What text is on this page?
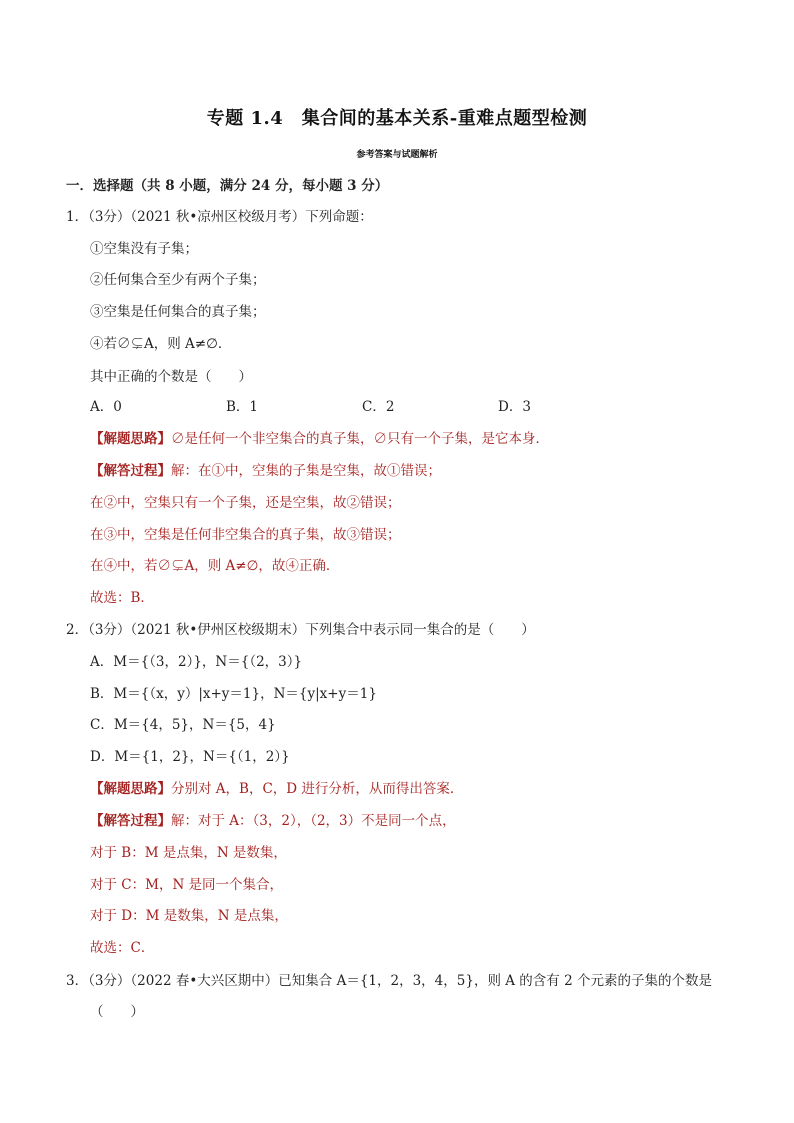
专题 1.4　集合间的基本关系-重难点题型检测
参考答案与试题解析
一．选择题（共 8 小题，满分 24 分，每小题 3 分）
1．（3分）（2021 秋•凉州区校级月考）下列命题：
①空集没有子集；
②任何集合至少有两个子集；
③空集是任何集合的真子集；
④若∅⊊A，则 A≠∅．
其中正确的个数是（　　）
A．0	B．1	C．2	D．3
【解题思路】∅是任何一个非空集合的真子集，∅只有一个子集，是它本身．
【解答过程】解：在①中，空集的子集是空集，故①错误；
在②中，空集只有一个子集，还是空集，故②错误；
在③中，空集是任何非空集合的真子集，故③错误；
在④中，若∅⊊A，则 A≠∅，故④正确．
故选：B．
2．（3分）（2021 秋•伊州区校级期末）下列集合中表示同一集合的是（　　）
A．M＝{（3，2）}，N＝{（2，3）}
B．M＝{（x，y）|x+y＝1}，N＝{y|x+y＝1}
C．M＝{4，5}，N＝{5，4}
D．M＝{1，2}，N＝{（1，2）}
【解题思路】分别对 A，B，C，D 进行分析，从而得出答案．
【解答过程】解：对于 A：（3，2），（2，3）不是同一个点，
对于 B：M 是点集，N 是数集，
对于 C：M，N 是同一个集合，
对于 D：M 是数集，N 是点集，
故选：C．
3．（3分）（2022 春•大兴区期中）已知集合 A＝{1，2，3，4，5}，则 A 的含有 2 个元素的子集的个数是
（　　）
